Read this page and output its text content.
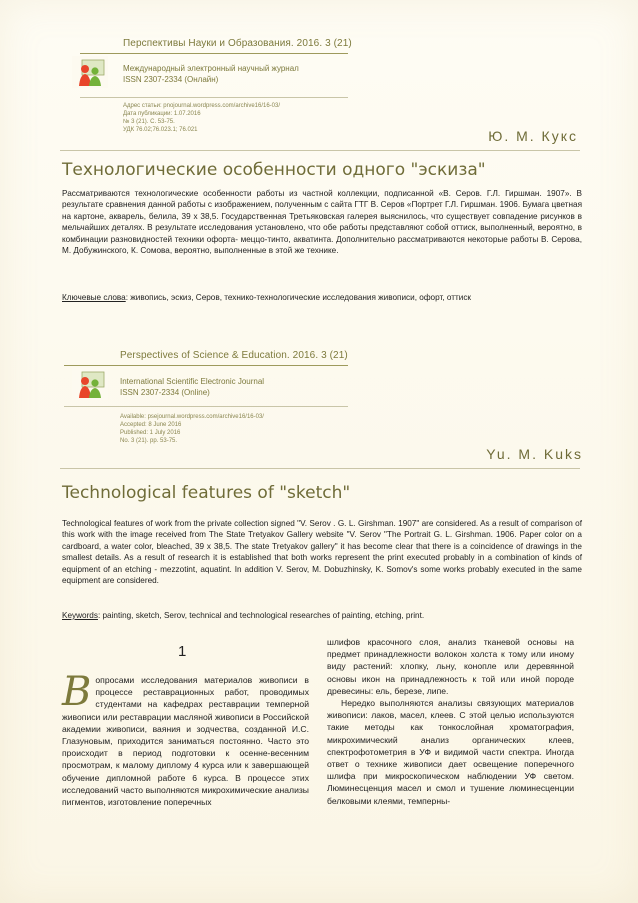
Перспективы Науки и Образования. 2016. 3 (21)
Международный электронный научный журнал
ISSN 2307-2334 (Онлайн)
Адрес статьи: pnojournal.wordpress.com/archive16/16-03/
Дата публикации: 1.07.2016
№ 3 (21). С. 53-75.
УДК 76.02;76.023.1; 76.021	Ю. М. Кукс
Технологические особенности одного "эскиза"
Рассматриваются технологические особенности работы из частной коллекции, подписанной «В. Серов. Г.Л. Гиршман. 1907». В результате сравнения данной работы с изображением, полученным с сайта ГТГ В. Серов «Портрет Г.Л. Гиршман. 1906. Бумага цветная на картоне, акварель, белила, 39 х 38,5. Государственная Третьяковская галерея выяснилось, что существует совпадение рисунков в мельчайших деталях. В результате исследования установлено, что обе работы представляют собой оттиск, выполненный, вероятно, в комбинации разновидностей техники офорта- меццо-тинто, акватинта. Дополнительно рассматриваются некоторые работы В. Серова, М. Добужинского, К. Сомова, вероятно, выполненные в этой же технике.
Ключевые слова: живопись, эскиз, Серов, технико-технологические исследования живописи, офорт, оттиск
Perspectives of Science & Education. 2016. 3 (21)
International Scientific Electronic Journal
ISSN 2307-2334 (Online)
Available: psejournal.wordpress.com/archive16/16-03/
Accepted: 8 June 2016
Published: 1 July 2016
No. 3 (21). pp. 53-75.
Yu. M. Kuks
Technological features of "sketch"
Technological features of work from the private collection signed "V. Serov . G. L. Girshman. 1907" are considered. As a result of comparison of this work with the image received from The State Tretyakov Gallery website "V. Serov "The Portrait G. L. Girshman. 1906. Paper color on a cardboard, a water color, bleached, 39 x 38,5. The state Tretyakov gallery" it has become clear that there is a coincidence of drawings in the smallest details. As a result of research it is established that both works represent the print executed probably in a combination of kinds of equipment of an etching - mezzotint, aquatint. In addition V. Serov, M. Dobuzhinsky, K. Somov's some works probably executed in the same equipment are considered.
Keywords: painting, sketch, Serov, technical and technological researches of painting, etching, print.
1
Вопросами исследования материалов живописи в процессе реставрационных работ, проводимых студентами на кафедрах реставрации темперной живописи или реставрации масляной живописи в Российской академии живописи, ваяния и зодчества, созданной И.С. Глазуновым, приходится заниматься постоянно. Часто это происходит в период подготовки к осенне-весенним просмотрам, к малому диплому 4 курса или к завершающей обучение дипломной работе 6 курса. В процессе этих исследований часто выполняются микрохимические анализы пигментов, изготовление поперечных
шлифов красочного слоя, анализ тканевой основы на предмет принадлежности волокон холста к тому или иному виду растений: хлопку, льну, конопле или деревянной основы икон на принадлежность к той или иной породе древесины: ель, березе, липе.
Нередко выполняются анализы связующих материалов живописи: лаков, масел, клеев. С этой целью используются такие методы как тонкослойная хроматография, микрохимический анализ органических клеев, спектрофотометрия в УФ и видимой части спектра. Иногда ответ о технике живописи дает освещение поперечного шлифа при микроскопическом наблюдении УФ светом. Люминесценция масел и смол и тушение люминесценции белковыми клеями, темперны-
